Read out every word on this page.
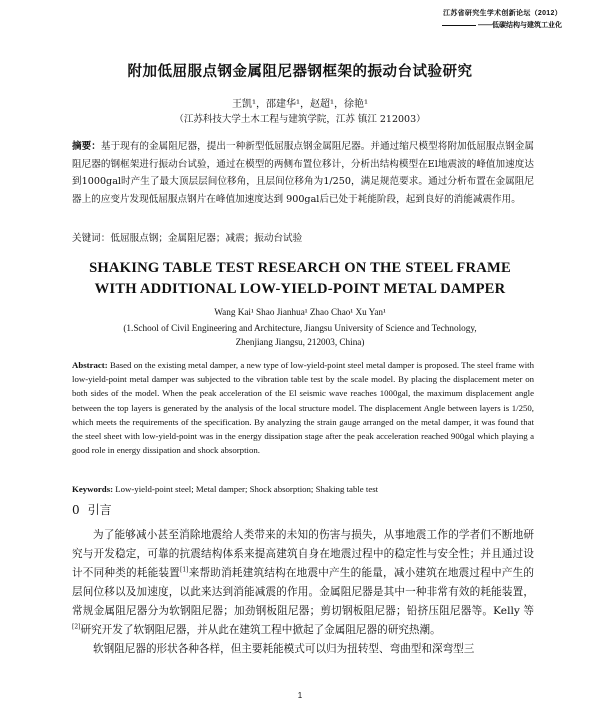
江苏省研究生学术创新论坛（2012）
——低碳结构与建筑工业化
附加低屈服点钢金属阻尼器钢框架的振动台试验研究
王凯¹，邵建华¹，赵超¹，徐艳¹
（江苏科技大学土木工程与建筑学院，江苏 镇江 212003）
摘要：基于现有的金属阻尼器，提出一种新型低屈服点钢金属阻尼器。并通过缩尺模型将附加低屈服点钢金属阻尼器的钢框架进行振动台试验，通过在模型的两侧布置位移计，分析出结构模型在El地震波的峰值加速度达到1000gal时产生了最大顶层层间位移角，且层间位移角为1/250，满足规范要求。通过分析布置在金属阻尼器上的应变片发现低屈服点钢片在峰值加速度达到 900gal后已处于耗能阶段，起到良好的消能减震作用。
关键词：低屈服点钢；金属阻尼器；减震；振动台试验
SHAKING TABLE TEST RESEARCH ON THE STEEL FRAME
WITH ADDITIONAL LOW-YIELD-POINT METAL DAMPER
Wang Kai¹ Shao Jianhua¹ Zhao Chao¹ Xu Yan¹
(1.School of Civil Engineering and Architecture, Jiangsu University of Science and Technology,
Zhenjiang Jiangsu, 212003, China)
Abstract: Based on the existing metal damper, a new type of low-yield-point steel metal damper is proposed. The steel frame with low-yield-point metal damper was subjected to the vibration table test by the scale model. By placing the displacement meter on both sides of the model. When the peak acceleration of the El seismic wave reaches 1000gal, the maximum displacement angle between the top layers is generated by the analysis of the local structure model. The displacement Angle between layers is 1/250, which meets the requirements of the specification. By analyzing the strain gauge arranged on the metal damper, it was found that the steel sheet with low-yield-point was in the energy dissipation stage after the peak acceleration reached 900gal which playing a good role in energy dissipation and shock absorption.
Keywords: Low-yield-point steel; Metal damper; Shock absorption; Shaking table test
0 引言

为了能够减小甚至消除地震给人类带来的未知的伤害与损失，从事地震工作的学者们不断地研究与开发稳定，可靠的抗震结构体系来提高建筑自身在地震过程中的稳定性与安全性；并且通过设计不同种类的耗能装置[1]来帮助消耗建筑结构在地震中产生的能量，减小建筑在地震过程中产生的层间位移以及加速度，以此来达到消能减震的作用。金属阻尼器是其中一种非常有效的耗能装置，常规金属阻尼器分为软钢阻尼器；加劲钢板阻尼器；剪切钢板阻尼器；铅挤压阻尼器等。Kelly 等[2]研究开发了软钢阻尼器，并从此在建筑工程中掀起了金属阻尼器的研究热潮。

软钢阻尼器的形状各种各样，但主要耗能模式可以归为扭转型、弯曲型和深弯型三

1
